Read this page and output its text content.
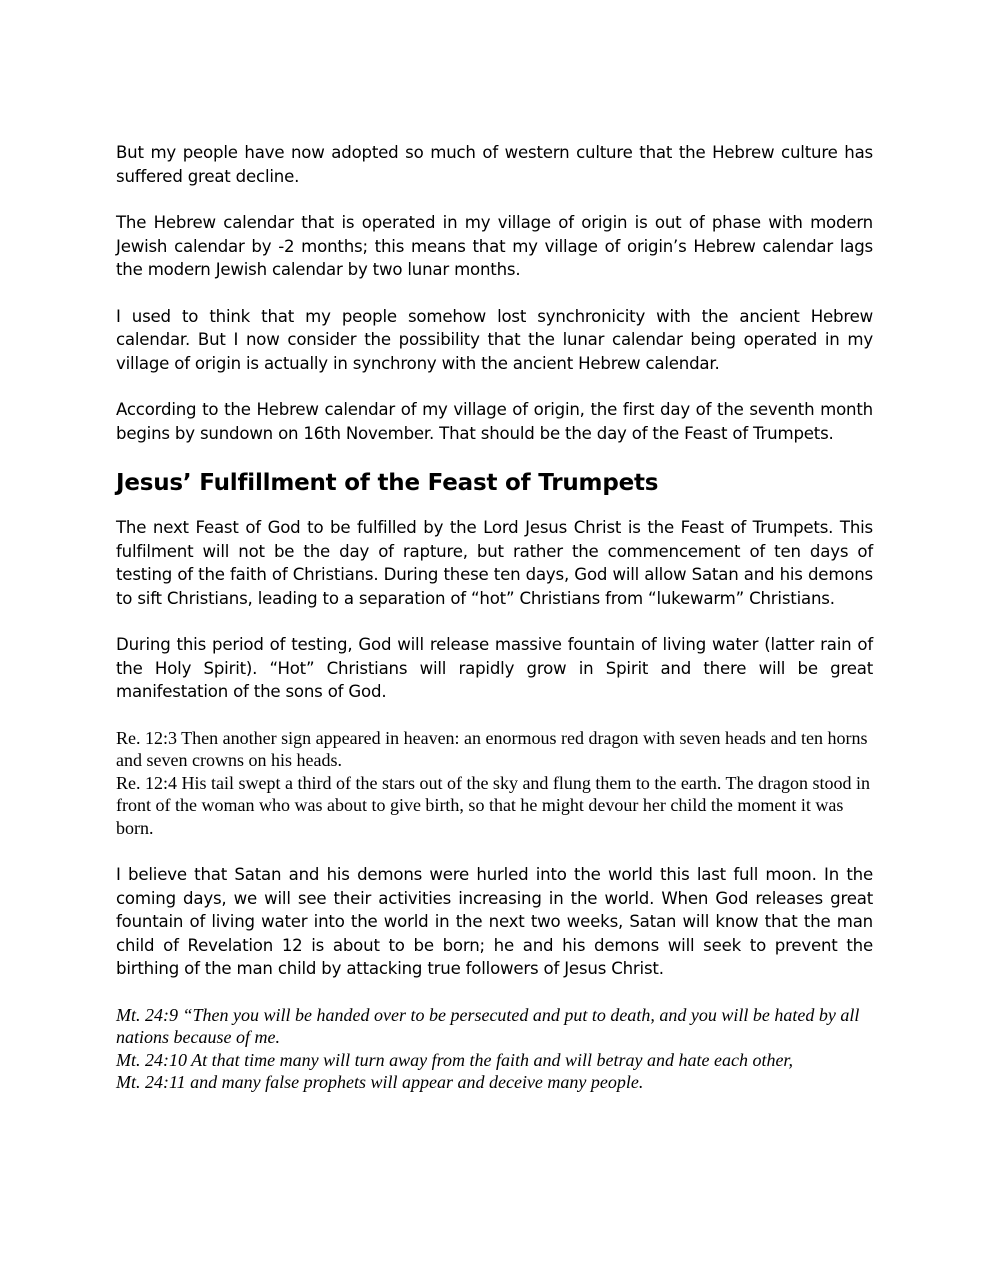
But my people have now adopted so much of western culture that the Hebrew culture has suffered great decline.

The Hebrew calendar that is operated in my village of origin is out of phase with modern Jewish calendar by -2 months; this means that my village of origin’s Hebrew calendar lags the modern Jewish calendar by two lunar months.

I used to think that my people somehow lost synchronicity with the ancient Hebrew calendar. But I now consider the possibility that the lunar calendar being operated in my village of origin is actually in synchrony with the ancient Hebrew calendar.

According to the Hebrew calendar of my village of origin, the first day of the seventh month begins by sundown on 16th November. That should be the day of the Feast of Trumpets.

Jesus’ Fulfillment of the Feast of Trumpets

The next Feast of God to be fulfilled by the Lord Jesus Christ is the Feast of Trumpets. This fulfilment will not be the day of rapture, but rather the commencement of ten days of testing of the faith of Christians. During these ten days, God will allow Satan and his demons to sift Christians, leading to a separation of “hot” Christians from “lukewarm” Christians.

During this period of testing, God will release massive fountain of living water (latter rain of the Holy Spirit). “Hot” Christians will rapidly grow in Spirit and there will be great manifestation of the sons of God.

Re. 12:3 Then another sign appeared in heaven: an enormous red dragon with seven heads and ten horns and seven crowns on his heads.

Re. 12:4 His tail swept a third of the stars out of the sky and flung them to the earth. The dragon stood in front of the woman who was about to give birth, so that he might devour her child the moment it was born.

I believe that Satan and his demons were hurled into the world this last full moon. In the coming days, we will see their activities increasing in the world. When God releases great fountain of living water into the world in the next two weeks, Satan will know that the man child of Revelation 12 is about to be born; he and his demons will seek to prevent the birthing of the man child by attacking true followers of Jesus Christ.

Mt. 24:9 “Then you will be handed over to be persecuted and put to death, and you will be hated by all nations because of me.

Mt. 24:10 At that time many will turn away from the faith and will betray and hate each other,

Mt. 24:11 and many false prophets will appear and deceive many people.
